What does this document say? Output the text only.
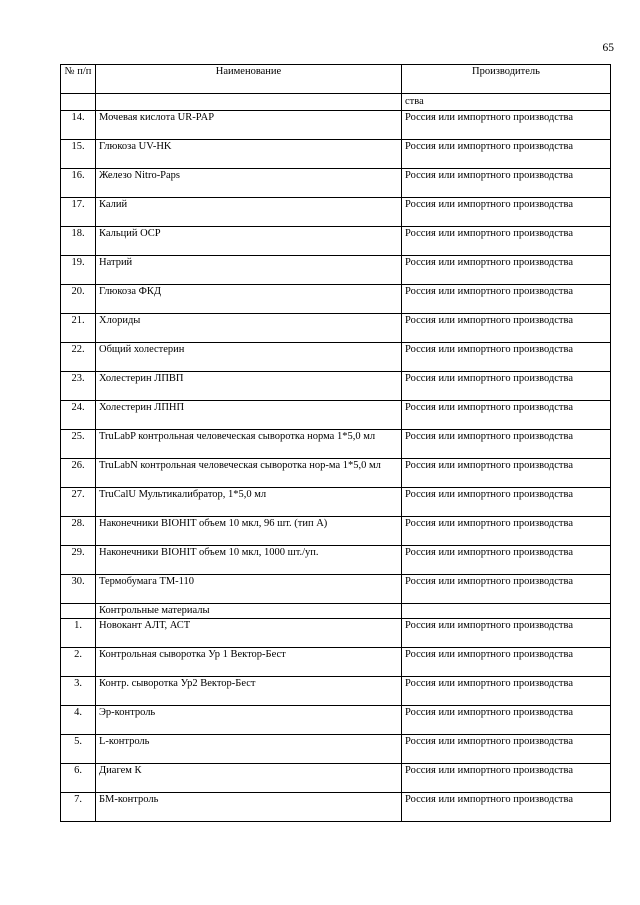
65
№ п/п	Наименование	Производитель
		ства
14.	Мочевая кислота UR-PAP	Россия или импортного производства
15.	Глюкоза UV-HK	Россия или импортного производства
16.	Железо Nitro-Paps	Россия или импортного производства
17.	Калий	Россия или импортного производства
18.	Кальций OCP	Россия или импортного производства
19.	Натрий	Россия или импортного производства
20.	Глюкоза ФКД	Россия или импортного производства
21.	Хлориды	Россия или импортного производства
22.	Общий холестерин	Россия или импортного производства
23.	Холестерин ЛПВП	Россия или импортного производства
24.	Холестерин ЛПНП	Россия или импортного производства
25.	TruLabP контрольная человеческая сыворотка норма 1*5,0 мл	Россия или импортного производства
26.	TruLabN контрольная человеческая сыворотка нор-ма 1*5,0 мл	Россия или импортного производства
27.	TruCalU Мультикалибратор, 1*5,0 мл	Россия или импортного производства
28.	Наконечники BIOHIT объем 10 мкл, 96 шт. (тип А)	Россия или импортного производства
29.	Наконечники BIOHIT объем 10 мкл, 1000 шт./уп.	Россия или импортного производства
30.	Термобумага ТМ-110	Россия или импортного производства
	Контрольные материалы	
1.	Новокант АЛТ, АСТ	Россия или импортного производства
2.	Контрольная сыворотка Ур 1 Вектор-Бест	Россия или импортного производства
3.	Контр. сыворотка Ур2 Вектор-Бест	Россия или импортного производства
4.	Эр-контроль	Россия или импортного производства
5.	L-контроль	Россия или импортного производства
6.	Диагем К	Россия или импортного производства
7.	БМ-контроль	Россия или импортного производства
